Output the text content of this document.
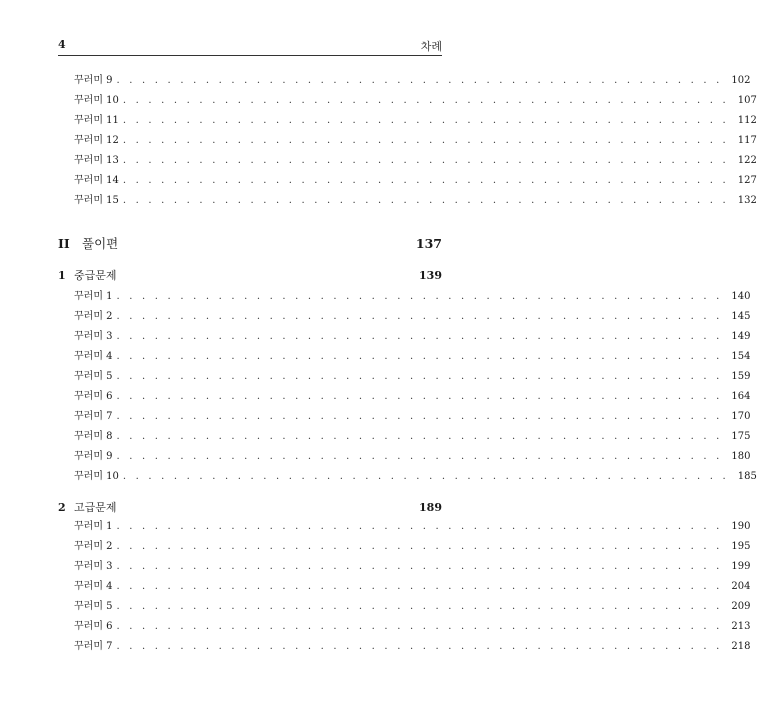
4	차례
꾸러미 9 . . . . . . . . . . . . . . . . . . . . . . . . . . . . . . . . . . . . . . . . . . . . . . . . 102
꾸러미 10 . . . . . . . . . . . . . . . . . . . . . . . . . . . . . . . . . . . . . . . . . . . . . . . . 107
꾸러미 11 . . . . . . . . . . . . . . . . . . . . . . . . . . . . . . . . . . . . . . . . . . . . . . . . 112
꾸러미 12 . . . . . . . . . . . . . . . . . . . . . . . . . . . . . . . . . . . . . . . . . . . . . . . . 117
꾸러미 13 . . . . . . . . . . . . . . . . . . . . . . . . . . . . . . . . . . . . . . . . . . . . . . . . 122
꾸러미 14 . . . . . . . . . . . . . . . . . . . . . . . . . . . . . . . . . . . . . . . . . . . . . . . . 127
꾸러미 15 . . . . . . . . . . . . . . . . . . . . . . . . . . . . . . . . . . . . . . . . . . . . . . . . 132
II 풀이편	137
1 중급문제	139
꾸러미 1 . . . . . . . . . . . . . . . . . . . . . . . . . . . . . . . . . . . . . . . . . . . . . . . . 140
꾸러미 2 . . . . . . . . . . . . . . . . . . . . . . . . . . . . . . . . . . . . . . . . . . . . . . . . 145
꾸러미 3 . . . . . . . . . . . . . . . . . . . . . . . . . . . . . . . . . . . . . . . . . . . . . . . . 149
꾸러미 4 . . . . . . . . . . . . . . . . . . . . . . . . . . . . . . . . . . . . . . . . . . . . . . . . 154
꾸러미 5 . . . . . . . . . . . . . . . . . . . . . . . . . . . . . . . . . . . . . . . . . . . . . . . . 159
꾸러미 6 . . . . . . . . . . . . . . . . . . . . . . . . . . . . . . . . . . . . . . . . . . . . . . . . 164
꾸러미 7 . . . . . . . . . . . . . . . . . . . . . . . . . . . . . . . . . . . . . . . . . . . . . . . . 170
꾸러미 8 . . . . . . . . . . . . . . . . . . . . . . . . . . . . . . . . . . . . . . . . . . . . . . . . 175
꾸러미 9 . . . . . . . . . . . . . . . . . . . . . . . . . . . . . . . . . . . . . . . . . . . . . . . . 180
꾸러미 10 . . . . . . . . . . . . . . . . . . . . . . . . . . . . . . . . . . . . . . . . . . . . . . . . 185
2 고급문제	189
꾸러미 1 . . . . . . . . . . . . . . . . . . . . . . . . . . . . . . . . . . . . . . . . . . . . . . . . 190
꾸러미 2 . . . . . . . . . . . . . . . . . . . . . . . . . . . . . . . . . . . . . . . . . . . . . . . . 195
꾸러미 3 . . . . . . . . . . . . . . . . . . . . . . . . . . . . . . . . . . . . . . . . . . . . . . . . 199
꾸러미 4 . . . . . . . . . . . . . . . . . . . . . . . . . . . . . . . . . . . . . . . . . . . . . . . . 204
꾸러미 5 . . . . . . . . . . . . . . . . . . . . . . . . . . . . . . . . . . . . . . . . . . . . . . . . 209
꾸러미 6 . . . . . . . . . . . . . . . . . . . . . . . . . . . . . . . . . . . . . . . . . . . . . . . . 213
꾸러미 7 . . . . . . . . . . . . . . . . . . . . . . . . . . . . . . . . . . . . . . . . . . . . . . . . 218
